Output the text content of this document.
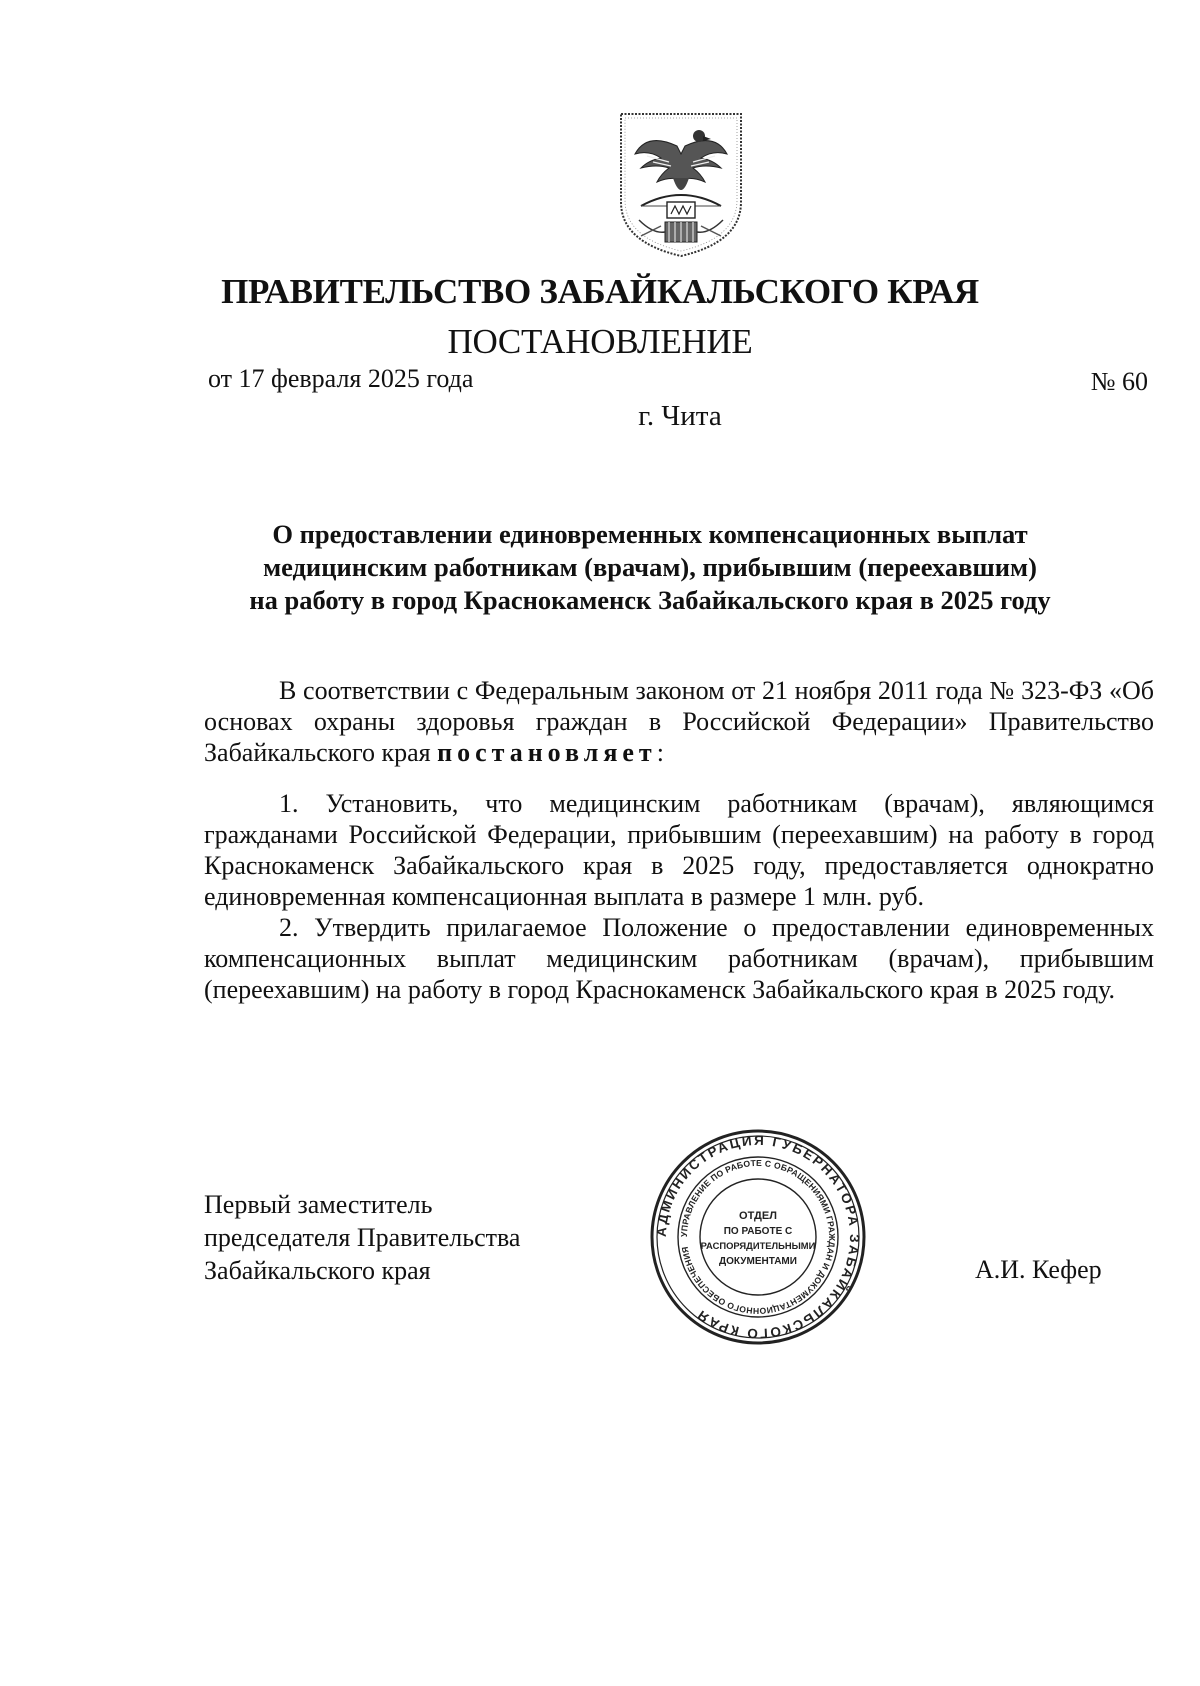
ПРАВИТЕЛЬСТВО ЗАБАЙКАЛЬСКОГО КРАЯ
ПОСТАНОВЛЕНИЕ
от 17 февраля 2025 года	№ 60
г. Чита
О предоставлении единовременных компенсационных выплат
медицинским работникам (врачам), прибывшим (переехавшим)
на работу в город Краснокаменск Забайкальского края в 2025 году

В соответствии с Федеральным законом от 21 ноября 2011 года № 323-ФЗ «Об основах охраны здоровья граждан в Российской Федерации» Правительство Забайкальского края постановляет:

1. Установить, что медицинским работникам (врачам), являющимся гражданами Российской Федерации, прибывшим (переехавшим) на работу в город Краснокаменск Забайкальского края в 2025 году, предоставляется однократно единовременная компенсационная выплата в размере 1 млн. руб.

2. Утвердить прилагаемое Положение о предоставлении единовременных компенсационных выплат медицинским работникам (врачам), прибывшим (переехавшим) на работу в город Краснокаменск Забайкальского края в 2025 году.

Первый заместитель
председателя Правительства
Забайкальского края	А.И. Кефер
АДМИНИСТРАЦИЯ ГУБЕРНАТОРА ЗАБАЙКАЛЬСКОГО КРАЯ
УПРАВЛЕНИЕ ПО РАБОТЕ С ОБРАЩЕНИЯМИ ГРАЖДАН И ДОКУМЕНТАЦИОННОГО ОБЕСПЕЧЕНИЯ
ОТДЕЛ
ПО РАБОТЕ С
РАСПОРЯДИТЕЛЬНЫМИ
ДОКУМЕНТАМИ
